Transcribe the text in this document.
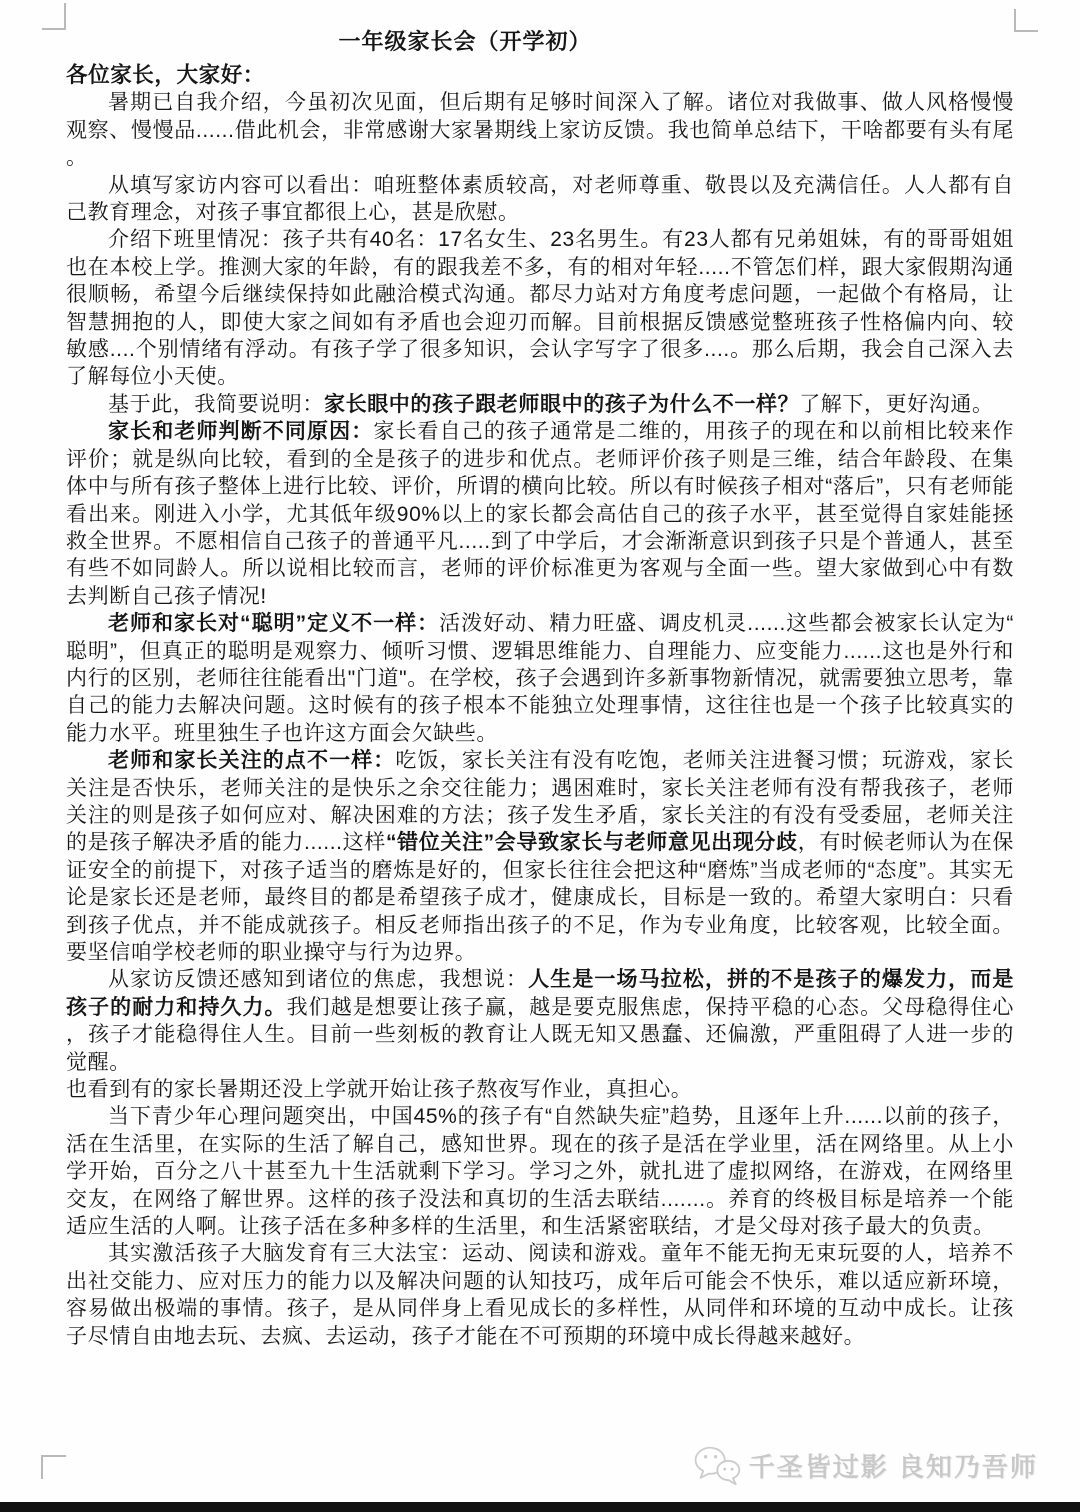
一年级家长会（开学初）

各位家长，大家好：

暑期已自我介绍，今虽初次见面，但后期有足够时间深入了解。诸位对我做事、做人风格慢慢观察、慢慢品......借此机会，非常感谢大家暑期线上家访反馈。我也简单总结下，干啥都要有头有尾。

从填写家访内容可以看出：咱班整体素质较高，对老师尊重、敬畏以及充满信任。人人都有自己教育理念，对孩子事宜都很上心，甚是欣慰。

介绍下班里情况：孩子共有40名：17名女生、23名男生。有23人都有兄弟姐妹，有的哥哥姐姐也在本校上学。推测大家的年龄，有的跟我差不多，有的相对年轻.....不管怎们样，跟大家假期沟通很顺畅，希望今后继续保持如此融洽模式沟通。都尽力站对方角度考虑问题，一起做个有格局，让智慧拥抱的人，即使大家之间如有矛盾也会迎刃而解。目前根据反馈感觉整班孩子性格偏内向、较敏感....个别情绪有浮动。有孩子学了很多知识，会认字写字了很多....。那么后期，我会自己深入去了解每位小天使。

基于此，我简要说明：家长眼中的孩子跟老师眼中的孩子为什么不一样？了解下，更好沟通。

家长和老师判断不同原因：家长看自己的孩子通常是二维的，用孩子的现在和以前相比较来作评价；就是纵向比较，看到的全是孩子的进步和优点。老师评价孩子则是三维，结合年龄段、在集体中与所有孩子整体上进行比较、评价，所谓的横向比较。所以有时候孩子相对“落后”，只有老师能看出来。刚进入小学，尤其低年级90%以上的家长都会高估自己的孩子水平，甚至觉得自家娃能拯救全世界。不愿相信自己孩子的普通平凡.....到了中学后，才会渐渐意识到孩子只是个普通人，甚至有些不如同龄人。所以说相比较而言，老师的评价标准更为客观与全面一些。望大家做到心中有数去判断自己孩子情况!

老师和家长对“聪明”定义不一样：活泼好动、精力旺盛、调皮机灵......这些都会被家长认定为“聪明”，但真正的聪明是观察力、倾听习惯、逻辑思维能力、自理能力、应变能力......这也是外行和内行的区别，老师往往能看出"门道"。在学校，孩子会遇到许多新事物新情况，就需要独立思考，靠自己的能力去解决问题。这时候有的孩子根本不能独立处理事情，这往往也是一个孩子比较真实的能力水平。班里独生子也许这方面会欠缺些。

老师和家长关注的点不一样：吃饭，家长关注有没有吃饱，老师关注进餐习惯；玩游戏，家长关注是否快乐，老师关注的是快乐之余交往能力；遇困难时，家长关注老师有没有帮我孩子，老师关注的则是孩子如何应对、解决困难的方法；孩子发生矛盾，家长关注的有没有受委屈，老师关注的是孩子解决矛盾的能力......这样“错位关注”会导致家长与老师意见出现分歧，有时候老师认为在保证安全的前提下，对孩子适当的磨炼是好的，但家长往往会把这种“磨炼”当成老师的“态度”。其实无论是家长还是老师，最终目的都是希望孩子成才，健康成长，目标是一致的。希望大家明白：只看到孩子优点，并不能成就孩子。相反老师指出孩子的不足，作为专业角度，比较客观，比较全面。要坚信咱学校老师的职业操守与行为边界。

从家访反馈还感知到诸位的焦虑，我想说：人生是一场马拉松，拼的不是孩子的爆发力，而是孩子的耐力和持久力。我们越是想要让孩子赢，越是要克服焦虑，保持平稳的心态。父母稳得住心，孩子才能稳得住人生。目前一些刻板的教育让人既无知又愚蠢、还偏激，严重阻碍了人进一步的觉醒。

也看到有的家长暑期还没上学就开始让孩子熬夜写作业，真担心。

当下青少年心理问题突出，中国45%的孩子有“自然缺失症”趋势，且逐年上升......以前的孩子，活在生活里，在实际的生活了解自己，感知世界。现在的孩子是活在学业里，活在网络里。从上小学开始，百分之八十甚至九十生活就剩下学习。学习之外，就扎进了虚拟网络，在游戏，在网络里交友，在网络了解世界。这样的孩子没法和真切的生活去联结.......。养育的终极目标是培养一个能适应生活的人啊。让孩子活在多种多样的生活里，和生活紧密联结，才是父母对孩子最大的负责。

其实激活孩子大脑发育有三大法宝：运动、阅读和游戏。童年不能无拘无束玩耍的人，培养不出社交能力、应对压力的能力以及解决问题的认知技巧，成年后可能会不快乐，难以适应新环境，容易做出极端的事情。孩子，是从同伴身上看见成长的多样性，从同伴和环境的互动中成长。让孩子尽情自由地去玩、去疯、去运动，孩子才能在不可预期的环境中成长得越来越好。

千圣皆过影 良知乃吾师
